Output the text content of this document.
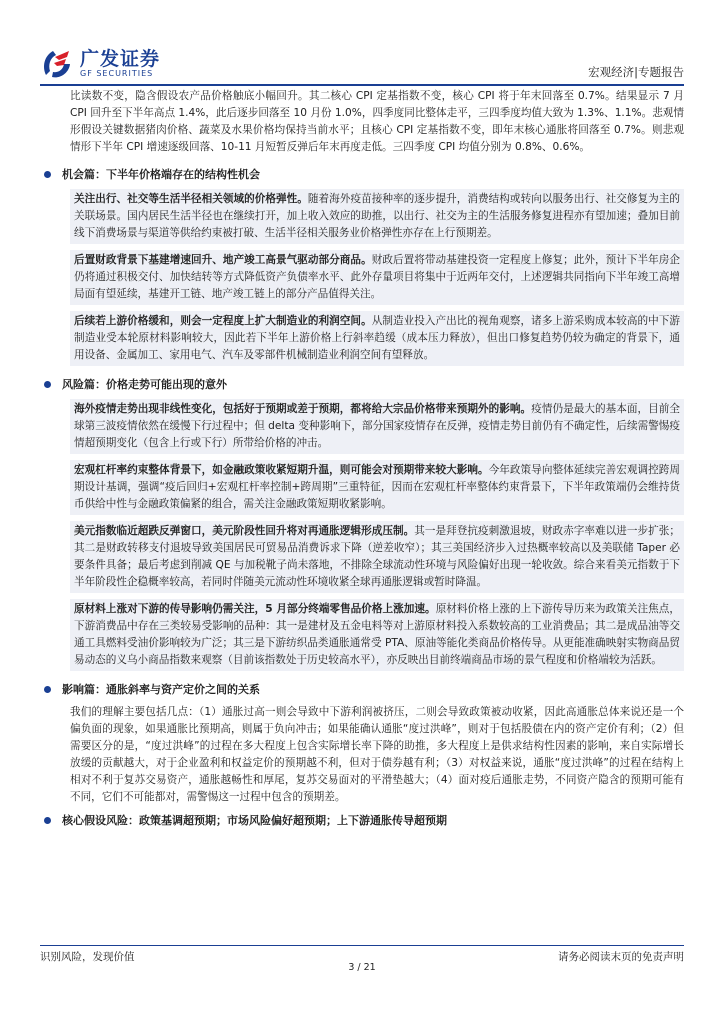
广发证券
GF SECURITIES	宏观经济|专题报告
比读数不变，隐含假设农产品价格触底小幅回升。其二核心 CPI 定基指数不变，核心 CPI 将于年末回落至 0.7%。结果显示 7 月 CPI 回升至下半年高点 1.4%，此后逐步回落至 10 月份 1.0%，四季度同比整体走平，三四季度均值大致为 1.3%、1.1%。悲观情形假设关键数据猪肉价格、蔬菜及水果价格均保持当前水平；且核心 CPI 定基指数不变，即年末核心通胀将回落至 0.7%。则悲观情形下半年 CPI 增速逐级回落、10-11 月短暂反弹后年末再度走低。三四季度 CPI 均值分别为 0.8%、0.6%。
机会篇：下半年价格端存在的结构性机会
关注出行、社交等生活半径相关领域的价格弹性。随着海外疫苗接种率的逐步提升，消费结构或转向以服务出行、社交修复为主的关联场景。国内居民生活半径也在继续打开，加上收入效应的助推，以出行、社交为主的生活服务修复进程亦有望加速；叠加目前线下消费场景与渠道等供给约束被打破、生活半径相关服务业价格弹性亦存在上行预期差。
后置财政背景下基建增速回升、地产竣工高景气驱动部分商品。财政后置将带动基建投资一定程度上修复；此外，预计下半年房企仍将通过积极交付、加快结转等方式降低资产负债率水平、此外存量项目将集中于近两年交付，上述逻辑共同指向下半年竣工高增局面有望延续，基建开工链、地产竣工链上的部分产品值得关注。
后续若上游价格缓和，则会一定程度上扩大制造业的利润空间。从制造业投入产出比的视角观察，诸多上游采购成本较高的中下游制造业受本轮原材料影响较大，因此若下半年上游价格上行斜率趋缓（成本压力释放），但出口修复趋势仍较为确定的背景下，通用设备、金属加工、家用电气、汽车及零部件机械制造业利润空间有望释放。
风险篇：价格走势可能出现的意外
海外疫情走势出现非线性变化，包括好于预期或差于预期，都将给大宗品价格带来预期外的影响。疫情仍是最大的基本面，目前全球第三波疫情依然在缓慢下行过程中；但 delta 变种影响下，部分国家疫情存在反弹，疫情走势目前仍有不确定性，后续需警惕疫情超预期变化（包含上行或下行）所带给价格的冲击。
宏观杠杆率约束整体背景下，如金融政策收紧短期升温，则可能会对预期带来较大影响。今年政策导向整体延续完善宏观调控跨周期设计基调，强调“疫后回归+宏观杠杆率控制+跨周期”三重特征，因而在宏观杠杆率整体约束背景下，下半年政策端仍会维持货币供给中性与金融政策偏紧的组合，需关注金融政策短期收紧影响。
美元指数临近超跌反弹窗口，美元阶段性回升将对再通胀逻辑形成压制。其一是拜登抗疫刺激退坡，财政赤字率难以进一步扩张；其二是财政转移支付退坡导致美国居民可贸易品消费诉求下降（逆差收窄）；其三美国经济步入过热概率较高以及美联储 Taper 必要条件具备；最后考虑到削减 QE 与加税靴子尚未落地，不排除全球流动性环境与风险偏好出现一轮收敛。综合来看美元指数于下半年阶段性企稳概率较高，若同时伴随美元流动性环境收紧全球再通胀逻辑或暂时降温。
原材料上涨对下游的传导影响仍需关注，5 月部分终端零售品价格上涨加速。原材料价格上涨的上下游传导历来为政策关注焦点，下游消费品中存在三类较易受影响的品种：其一是建材及五金电料等对上游原材料投入系数较高的工业消费品；其二是成品油等交通工具燃料受油价影响较为广泛；其三是下游纺织品类通胀通常受 PTA、原油等能化类商品价格传导。从更能准确映射实物商品贸易动态的义乌小商品指数来观察（目前该指数处于历史较高水平），亦反映出目前终端商品市场的景气程度和价格端较为活跃。
影响篇：通胀斜率与资产定价之间的关系
我们的理解主要包括几点：（1）通胀过高一则会导致中下游利润被挤压，二则会导致政策被动收紧，因此高通胀总体来说还是一个偏负面的现象，如果通胀比预期高，则属于负向冲击；如果能确认通胀“度过洪峰”，则对于包括股债在内的资产定价有利；（2）但需要区分的是，“度过洪峰”的过程在多大程度上包含实际增长率下降的助推，多大程度上是供求结构性因素的影响，来自实际增长放缓的贡献越大，对于企业盈利和权益定价的预期越不利，但对于债券越有利；（3）对权益来说，通胀“度过洪峰”的过程在结构上相对不利于复苏交易资产，通胀越畅性和厚尾，复苏交易面对的平滑垫越大；（4）面对疫后通胀走势，不同资产隐含的预期可能有不同，它们不可能都对，需警惕这一过程中包含的预期差。
核心假设风险：政策基调超预期；市场风险偏好超预期；上下游通胀传导超预期
识别风险，发现价值	请务必阅读末页的免责声明
3 / 21
